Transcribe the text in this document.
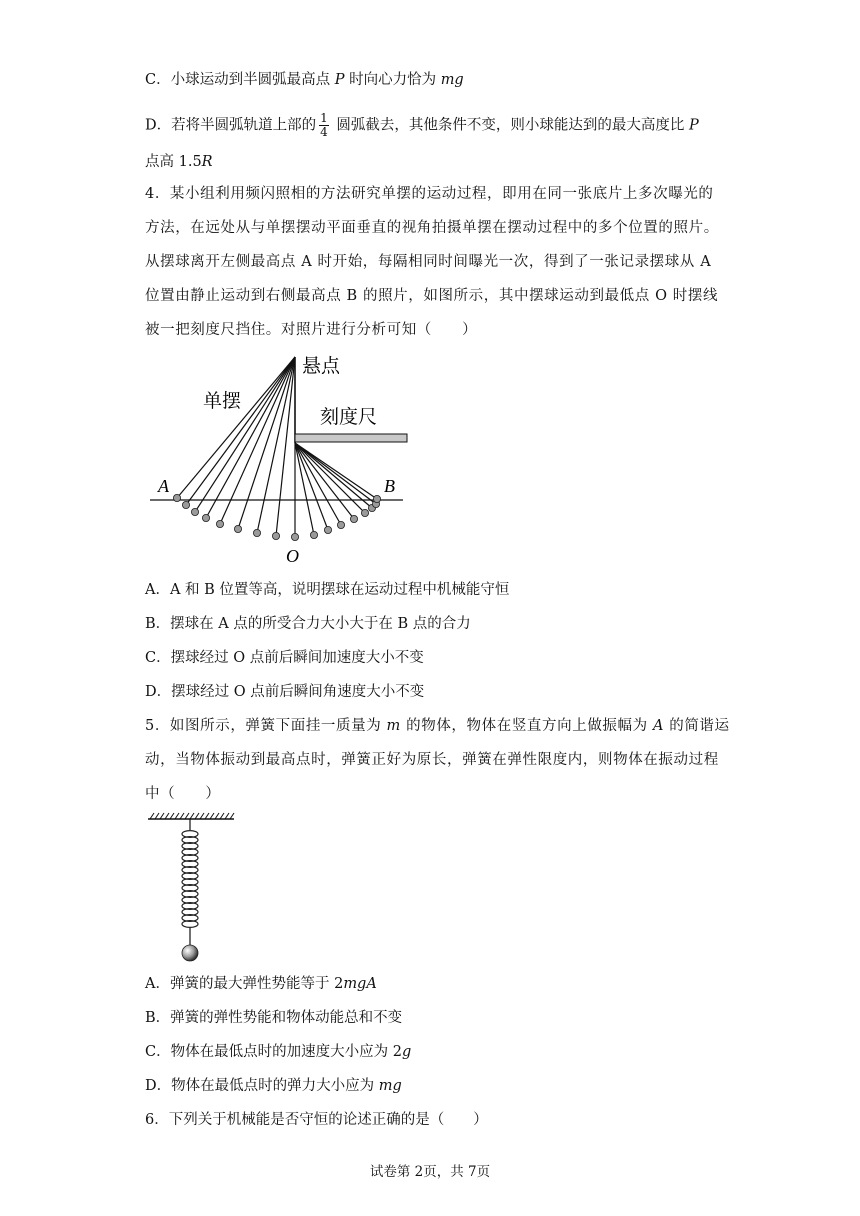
C．小球运动到半圆弧最高点 P 时向心力恰为 mg
D．若将半圆弧轨道上部的 $\frac{1}{4}$ 圆弧截去，其他条件不变，则小球能达到的最大高度比 P
点高 1.5R
4．某小组利用频闪照相的方法研究单摆的运动过程，即用在同一张底片上多次曝光的
方法，在远处从与单摆摆动平面垂直的视角拍摄单摆在摆动过程中的多个位置的照片。
从摆球离开左侧最高点 A 时开始，每隔相同时间曝光一次，得到了一张记录摆球从 A
位置由静止运动到右侧最高点 B 的照片，如图所示，其中摆球运动到最低点 O 时摆线
被一把刻度尺挡住。对照片进行分析可知（　　）
悬点
单摆
刻度尺
A	B
O
A．A 和 B 位置等高，说明摆球在运动过程中机械能守恒
B．摆球在 A 点的所受合力大小大于在 B 点的合力
C．摆球经过 O 点前后瞬间加速度大小不变
D．摆球经过 O 点前后瞬间角速度大小不变
5．如图所示，弹簧下面挂一质量为 m 的物体，物体在竖直方向上做振幅为 A 的简谐运
动，当物体振动到最高点时，弹簧正好为原长，弹簧在弹性限度内，则物体在振动过程
中（　　）
A．弹簧的最大弹性势能等于 2mgA
B．弹簧的弹性势能和物体动能总和不变
C．物体在最低点时的加速度大小应为 2g
D．物体在最低点时的弹力大小应为 mg
6．下列关于机械能是否守恒的论述正确的是（　　）
试卷第 2页，共 7页
